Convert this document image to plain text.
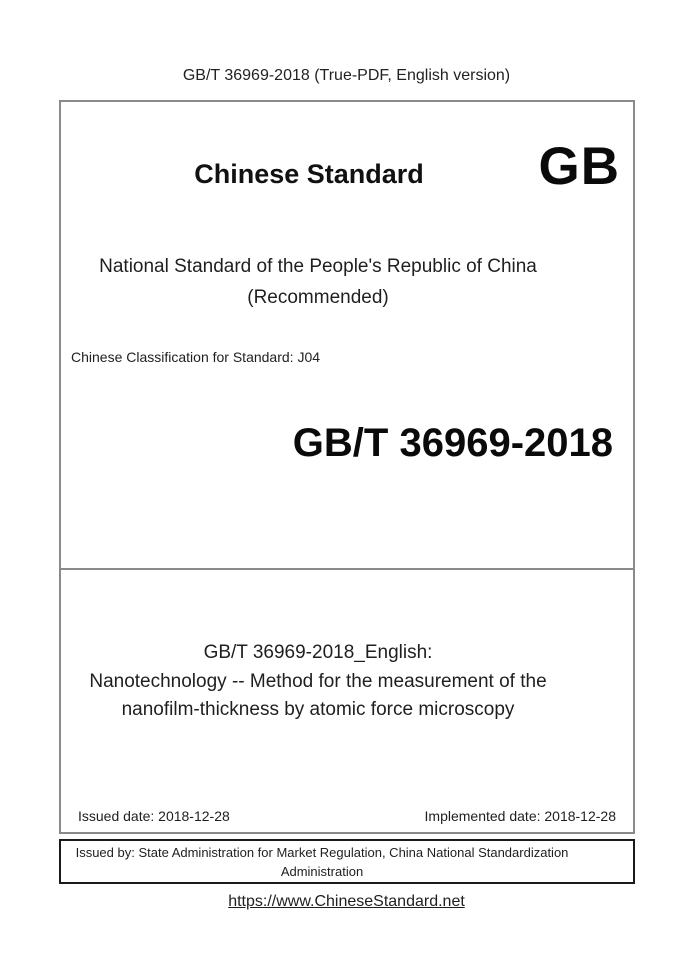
GB/T 36969-2018 (True-PDF, English version)
Chinese Standard	GB
National Standard of the People's Republic of China
(Recommended)
Chinese Classification for Standard: J04
GB/T 36969-2018
GB/T 36969-2018_English:
Nanotechnology -- Method for the measurement of the
nanofilm-thickness by atomic force microscopy
Issued date: 2018-12-28	Implemented date: 2018-12-28
Issued by: State Administration for Market Regulation, China National Standardization
Administration
https://www.ChineseStandard.net
